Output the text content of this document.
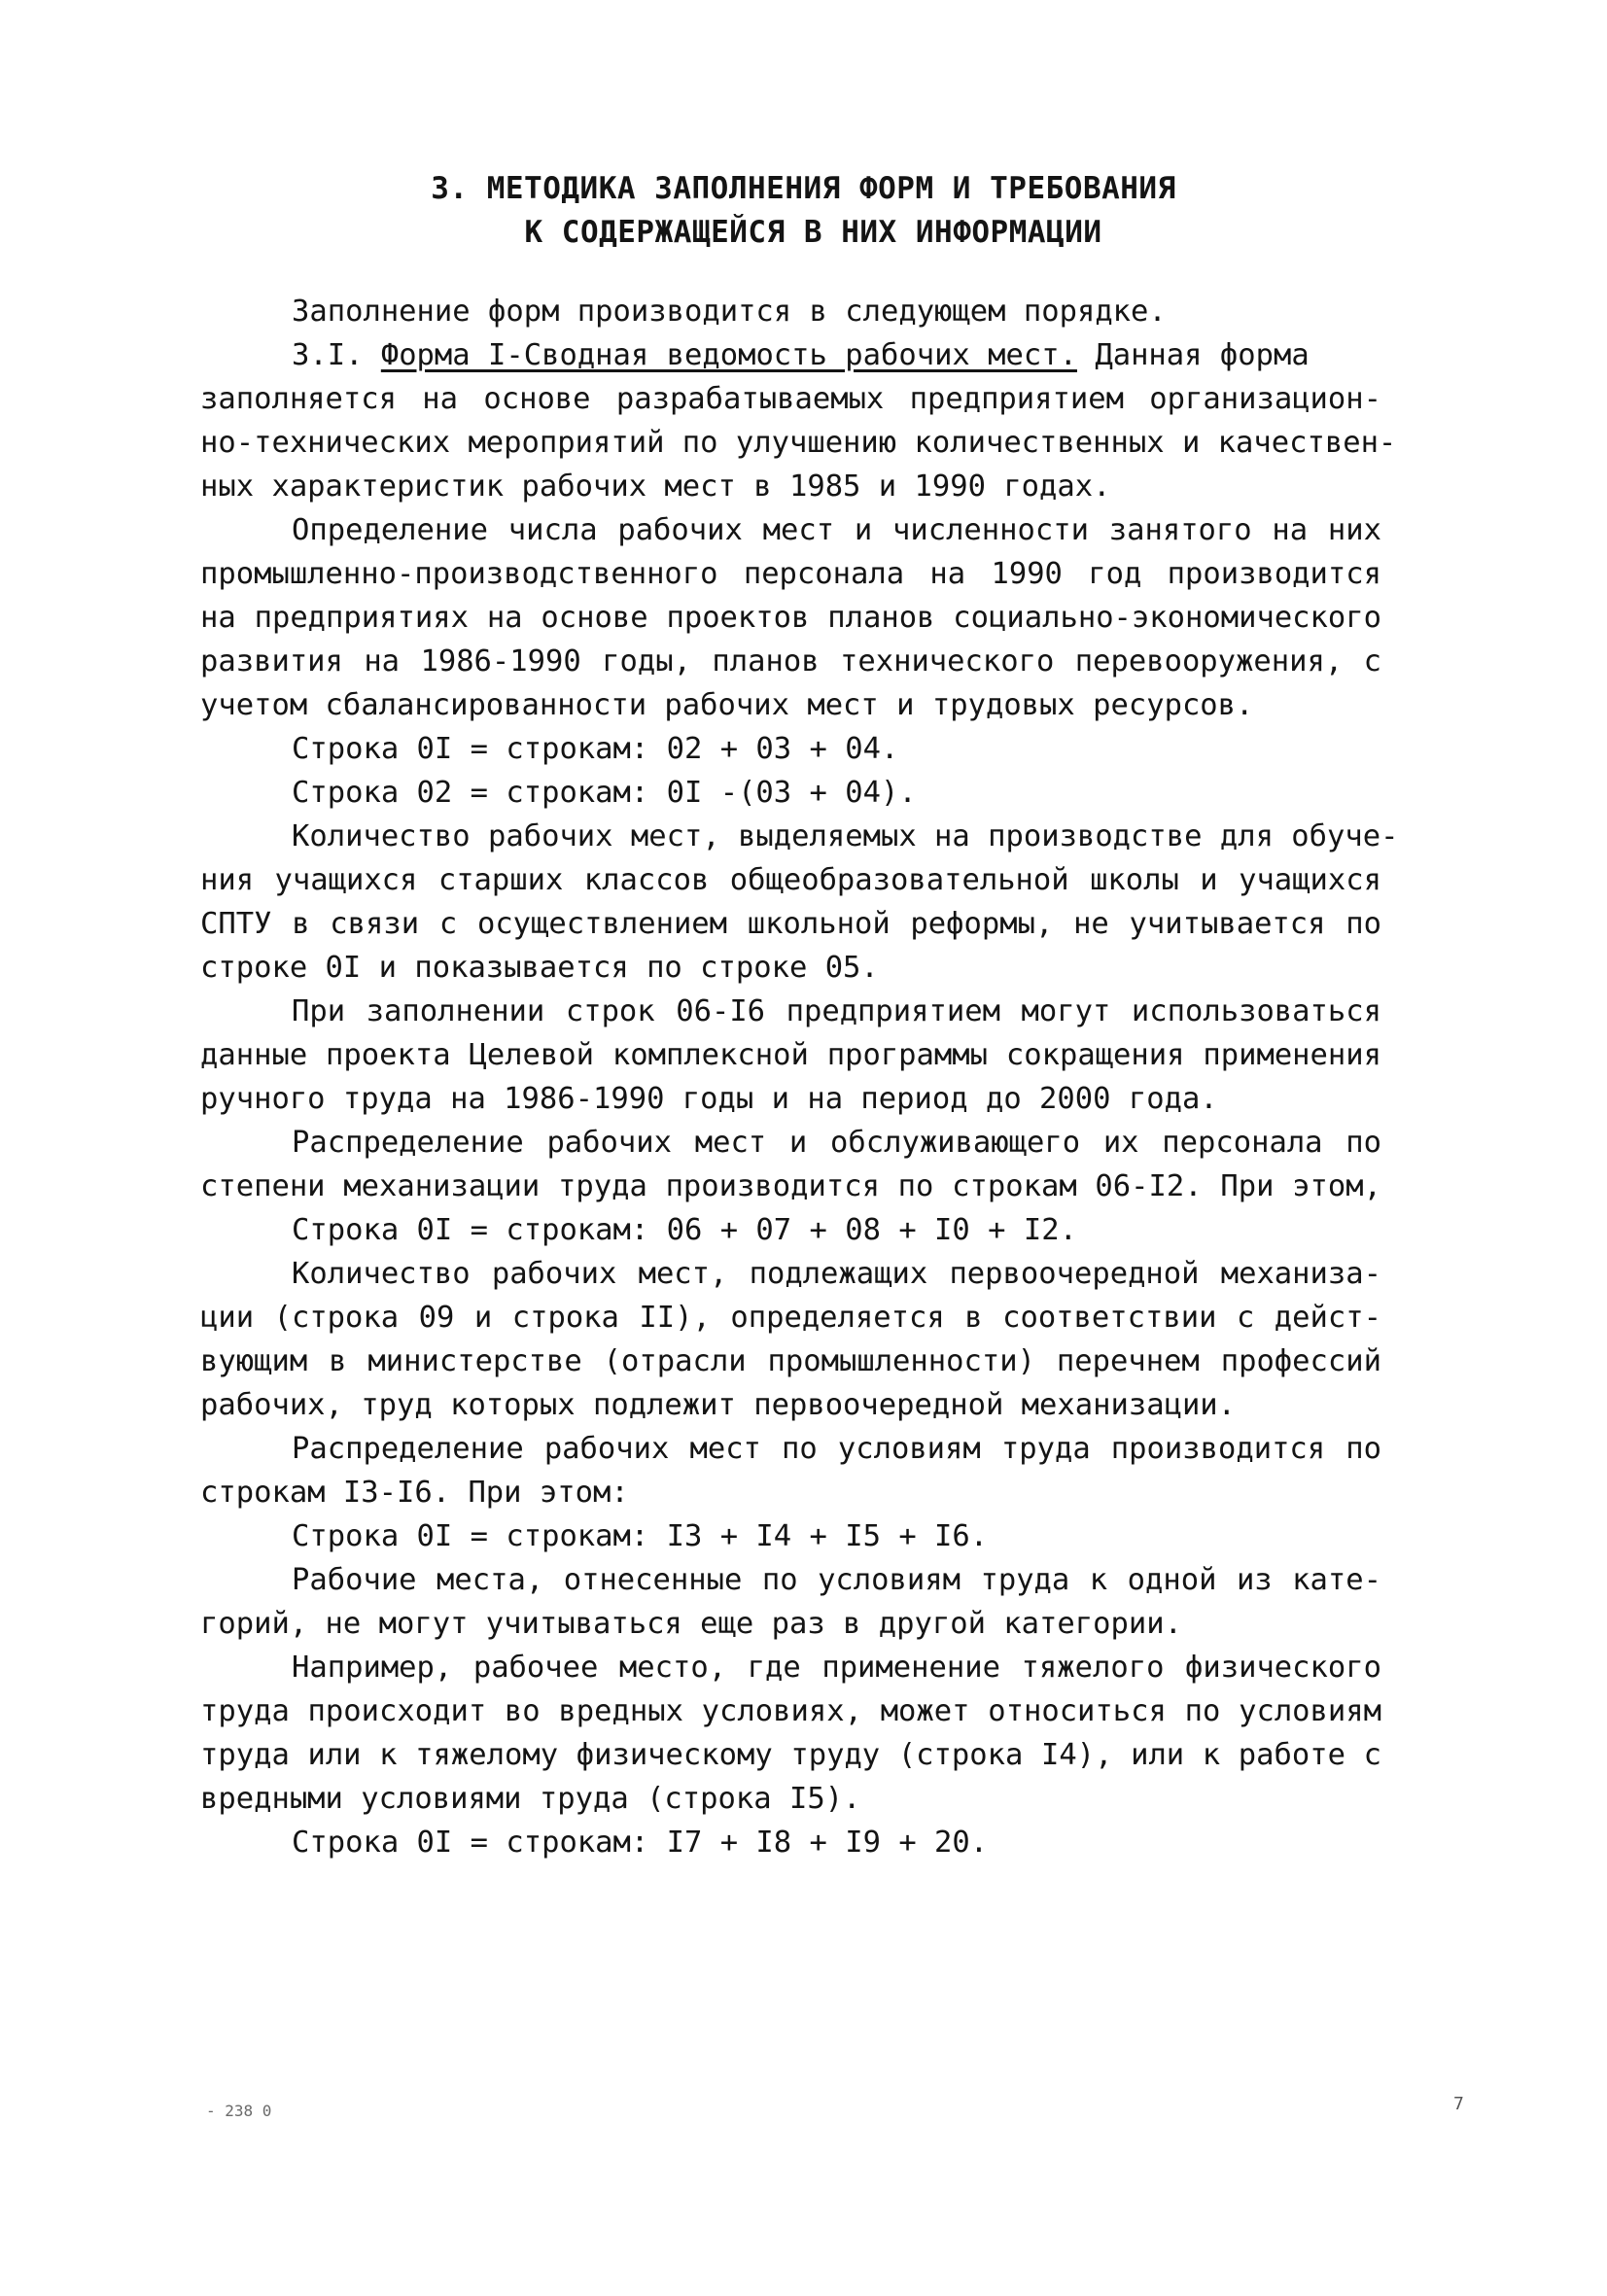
3. МЕТОДИКА ЗАПОЛНЕНИЯ ФОРМ И ТРЕБОВАНИЯ
К СОДЕРЖАЩЕЙСЯ В НИХ ИНФОРМАЦИИ
Заполнение форм производится в следующем порядке.
3.I. Форма I-Сводная ведомость рабочих мест. Данная форма
заполняется на основе разрабатываемых предприятием организацион-
но-технических мероприятий по улучшению количественных и качествен-
ных характеристик рабочих мест в 1985 и 1990 годах.
Определение числа рабочих мест и численности занятого на них
промышленно-производственного персонала на 1990 год производится
на предприятиях на основе проектов планов социально-экономического
развития на 1986-1990 годы, планов технического перевооружения, с
учетом сбалансированности рабочих мест и трудовых ресурсов.
Строка 0I = строкам: 02 + 03 + 04.
Строка 02 = строкам: 0I -(03 + 04).
Количество рабочих мест, выделяемых на производстве для обуче-
ния учащихся старших классов общеобразовательной школы и учащихся
СПТУ в связи с осуществлением школьной реформы, не учитывается по
строке 0I и показывается по строке 05.
При заполнении строк 06-I6 предприятием могут использоваться
данные проекта Целевой комплексной программы сокращения применения
ручного труда на 1986-1990 годы и на период до 2000 года.
Распределение рабочих мест и обслуживающего их персонала по
степени механизации труда производится по строкам 06-I2. При этом,
Строка 0I = строкам: 06 + 07 + 08 + I0 + I2.
Количество рабочих мест, подлежащих первоочередной механиза-
ции (строка 09 и строка II), определяется в соответствии с дейст-
вующим в министерстве (отрасли промышленности) перечнем профессий
рабочих, труд которых подлежит первоочередной механизации.
Распределение рабочих мест по условиям труда производится по
строкам I3-I6. При этом:
Строка 0I = строкам: I3 + I4 + I5 + I6.
Рабочие места, отнесенные по условиям труда к одной из кате-
горий, не могут учитываться еще раз в другой категории.
Например, рабочее место, где применение тяжелого физического
труда происходит во вредных условиях, может относиться по условиям
труда или к тяжелому физическому труду (строка I4), или к работе с
вредными условиями труда (строка I5).
Строка 0I = строкам: I7 + I8 + I9 + 20.
- 238 0	7
